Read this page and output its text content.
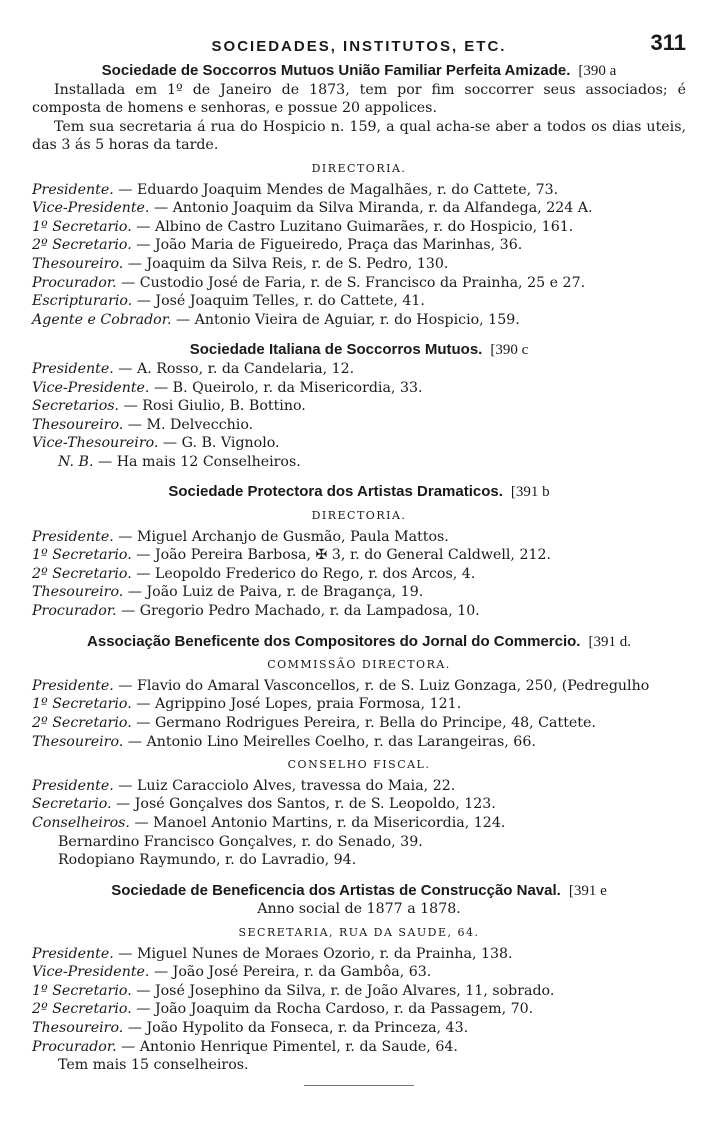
SOCIEDADES, INSTITUTOS, ETC.	311
Sociedade de Soccorros Mutuos União Familiar Perfeita Amizade. [390 a
Installada em 1º de Janeiro de 1873, tem por fim soccorrer seus associados; é composta de homens e senhoras, e possue 20 appolices.
Tem sua secretaria á rua do Hospicio n. 159, a qual acha-se aber a todos os dias uteis, das 3 ás 5 horas da tarde.
DIRECTORIA.
Presidente. — Eduardo Joaquim Mendes de Magalhães, r. do Cattete, 73.
Vice-Presidente. — Antonio Joaquim da Silva Miranda, r. da Alfandega, 224 A.
1º Secretario. — Albino de Castro Luzitano Guimarães, r. do Hospicio, 161.
2º Secretario. — João Maria de Figueiredo, Praça das Marinhas, 36.
Thesoureiro. — Joaquim da Silva Reis, r. de S. Pedro, 130.
Procurador. — Custodio José de Faria, r. de S. Francisco da Prainha, 25 e 27.
Escripturario. — José Joaquim Telles, r. do Cattete, 41.
Agente e Cobrador. — Antonio Vieira de Aguiar, r. do Hospicio, 159.
Sociedade Italiana de Soccorros Mutuos. [390 c
Presidente. — A. Rosso, r. da Candelaria, 12.
Vice-Presidente. — B. Queirolo, r. da Misericordia, 33.
Secretarios. — Rosi Giulio, B. Bottino.
Thesoureiro. — M. Delvecchio.
Vice-Thesoureiro. — G. B. Vignolo.
N. B. — Ha mais 12 Conselheiros.
Sociedade Protectora dos Artistas Dramaticos. [391 b
DIRECTORIA.
Presidente. — Miguel Archanjo de Gusmão, Paula Mattos.
1º Secretario. — João Pereira Barbosa, ✠ 3, r. do General Caldwell, 212.
2º Secretario. — Leopoldo Frederico do Rego, r. dos Arcos, 4.
Thesoureiro. — João Luiz de Paiva, r. de Bragança, 19.
Procurador. — Gregorio Pedro Machado, r. da Lampadosa, 10.
Associação Beneficente dos Compositores do Jornal do Commercio. [391 d.
COMMISSÃO DIRECTORA.
Presidente. — Flavio do Amaral Vasconcellos, r. de S. Luiz Gonzaga, 250, (Pedregulho
1º Secretario. — Agrippino José Lopes, praia Formosa, 121.
2º Secretario. — Germano Rodrigues Pereira, r. Bella do Principe, 48, Cattete.
Thesoureiro. — Antonio Lino Meirelles Coelho, r. das Larangeiras, 66.
CONSELHO FISCAL.
Presidente. — Luiz Caracciolo Alves, travessa do Maia, 22.
Secretario. — José Gonçalves dos Santos, r. de S. Leopoldo, 123.
Conselheiros. — Manoel Antonio Martins, r. da Misericordia, 124.
Bernardino Francisco Gonçalves, r. do Senado, 39.
Rodopiano Raymundo, r. do Lavradio, 94.
Sociedade de Beneficencia dos Artistas de Construcção Naval. [391 e
Anno social de 1877 a 1878.
SECRETARIA, RUA DA SAUDE, 64.
Presidente. — Miguel Nunes de Moraes Ozorio, r. da Prainha, 138.
Vice-Presidente. — João José Pereira, r. da Gambôa, 63.
1º Secretario. — José Josephino da Silva, r. de João Alvares, 11, sobrado.
2º Secretario. — João Joaquim da Rocha Cardoso, r. da Passagem, 70.
Thesoureiro. — João Hypolito da Fonseca, r. da Princeza, 43.
Procurador. — Antonio Henrique Pimentel, r. da Saude, 64.
Tem mais 15 conselheiros.
